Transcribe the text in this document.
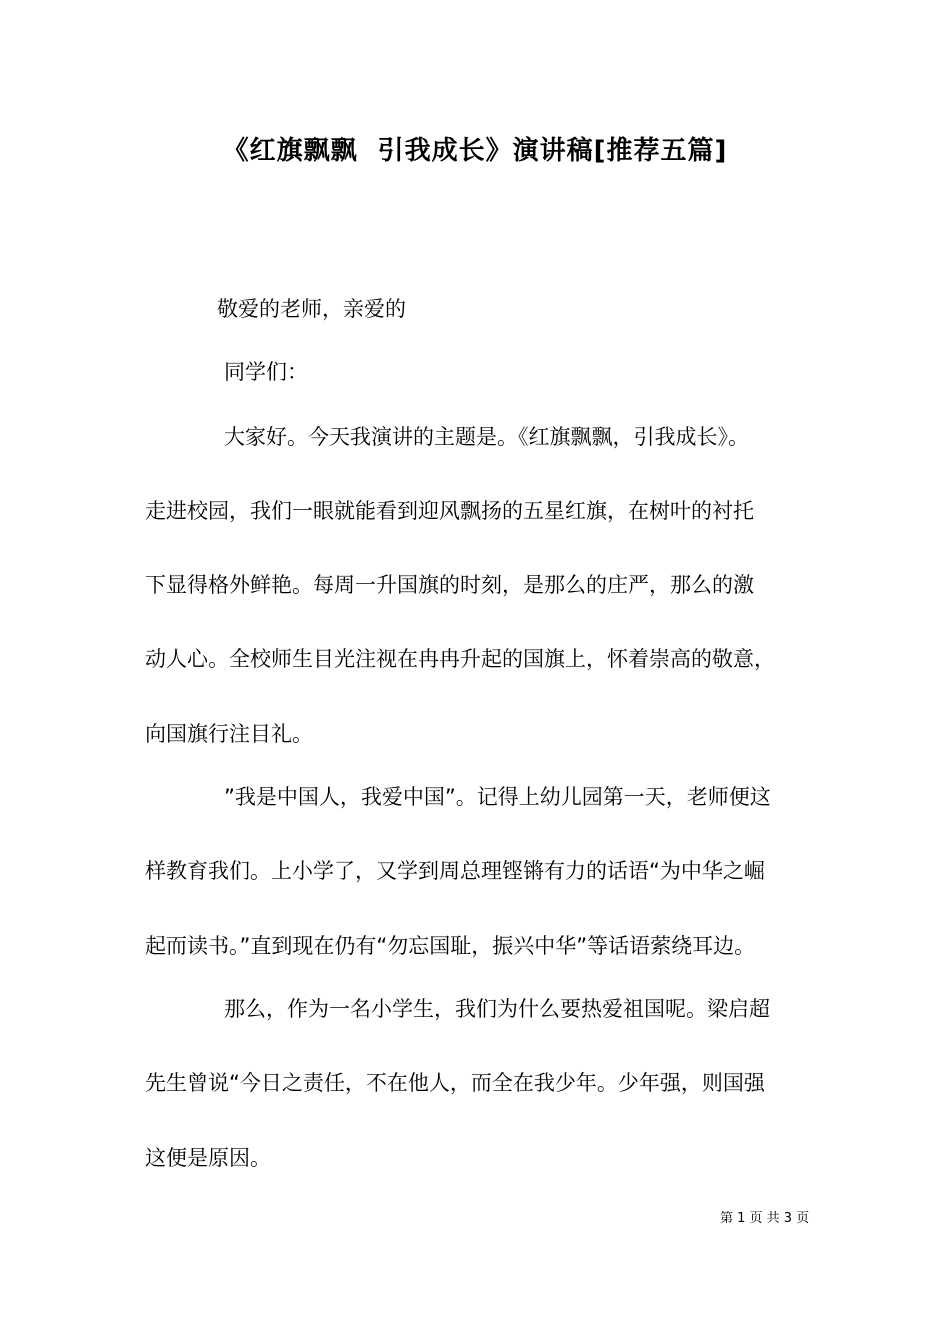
《红旗飘飘  引我成长》演讲稿[推荐五篇]
敬爱的老师，亲爱的
同学们：
大家好。今天我演讲的主题是。《红旗飘飘，引我成长》。
走进校园，我们一眼就能看到迎风飘扬的五星红旗，在树叶的衬托
下显得格外鲜艳。每周一升国旗的时刻，是那么的庄严，那么的激
动人心。全校师生目光注视在冉冉升起的国旗上，怀着崇高的敬意，
向国旗行注目礼。
”我是中国人，我爱中国”。记得上幼儿园第一天，老师便这
样教育我们。上小学了，又学到周总理铿锵有力的话语“为中华之崛
起而读书。”直到现在仍有“勿忘国耻，振兴中华”等话语萦绕耳边。
那么，作为一名小学生，我们为什么要热爱祖国呢。梁启超
先生曾说“今日之责任，不在他人，而全在我少年。少年强，则国强
这便是原因。
第 1 页 共 3 页
